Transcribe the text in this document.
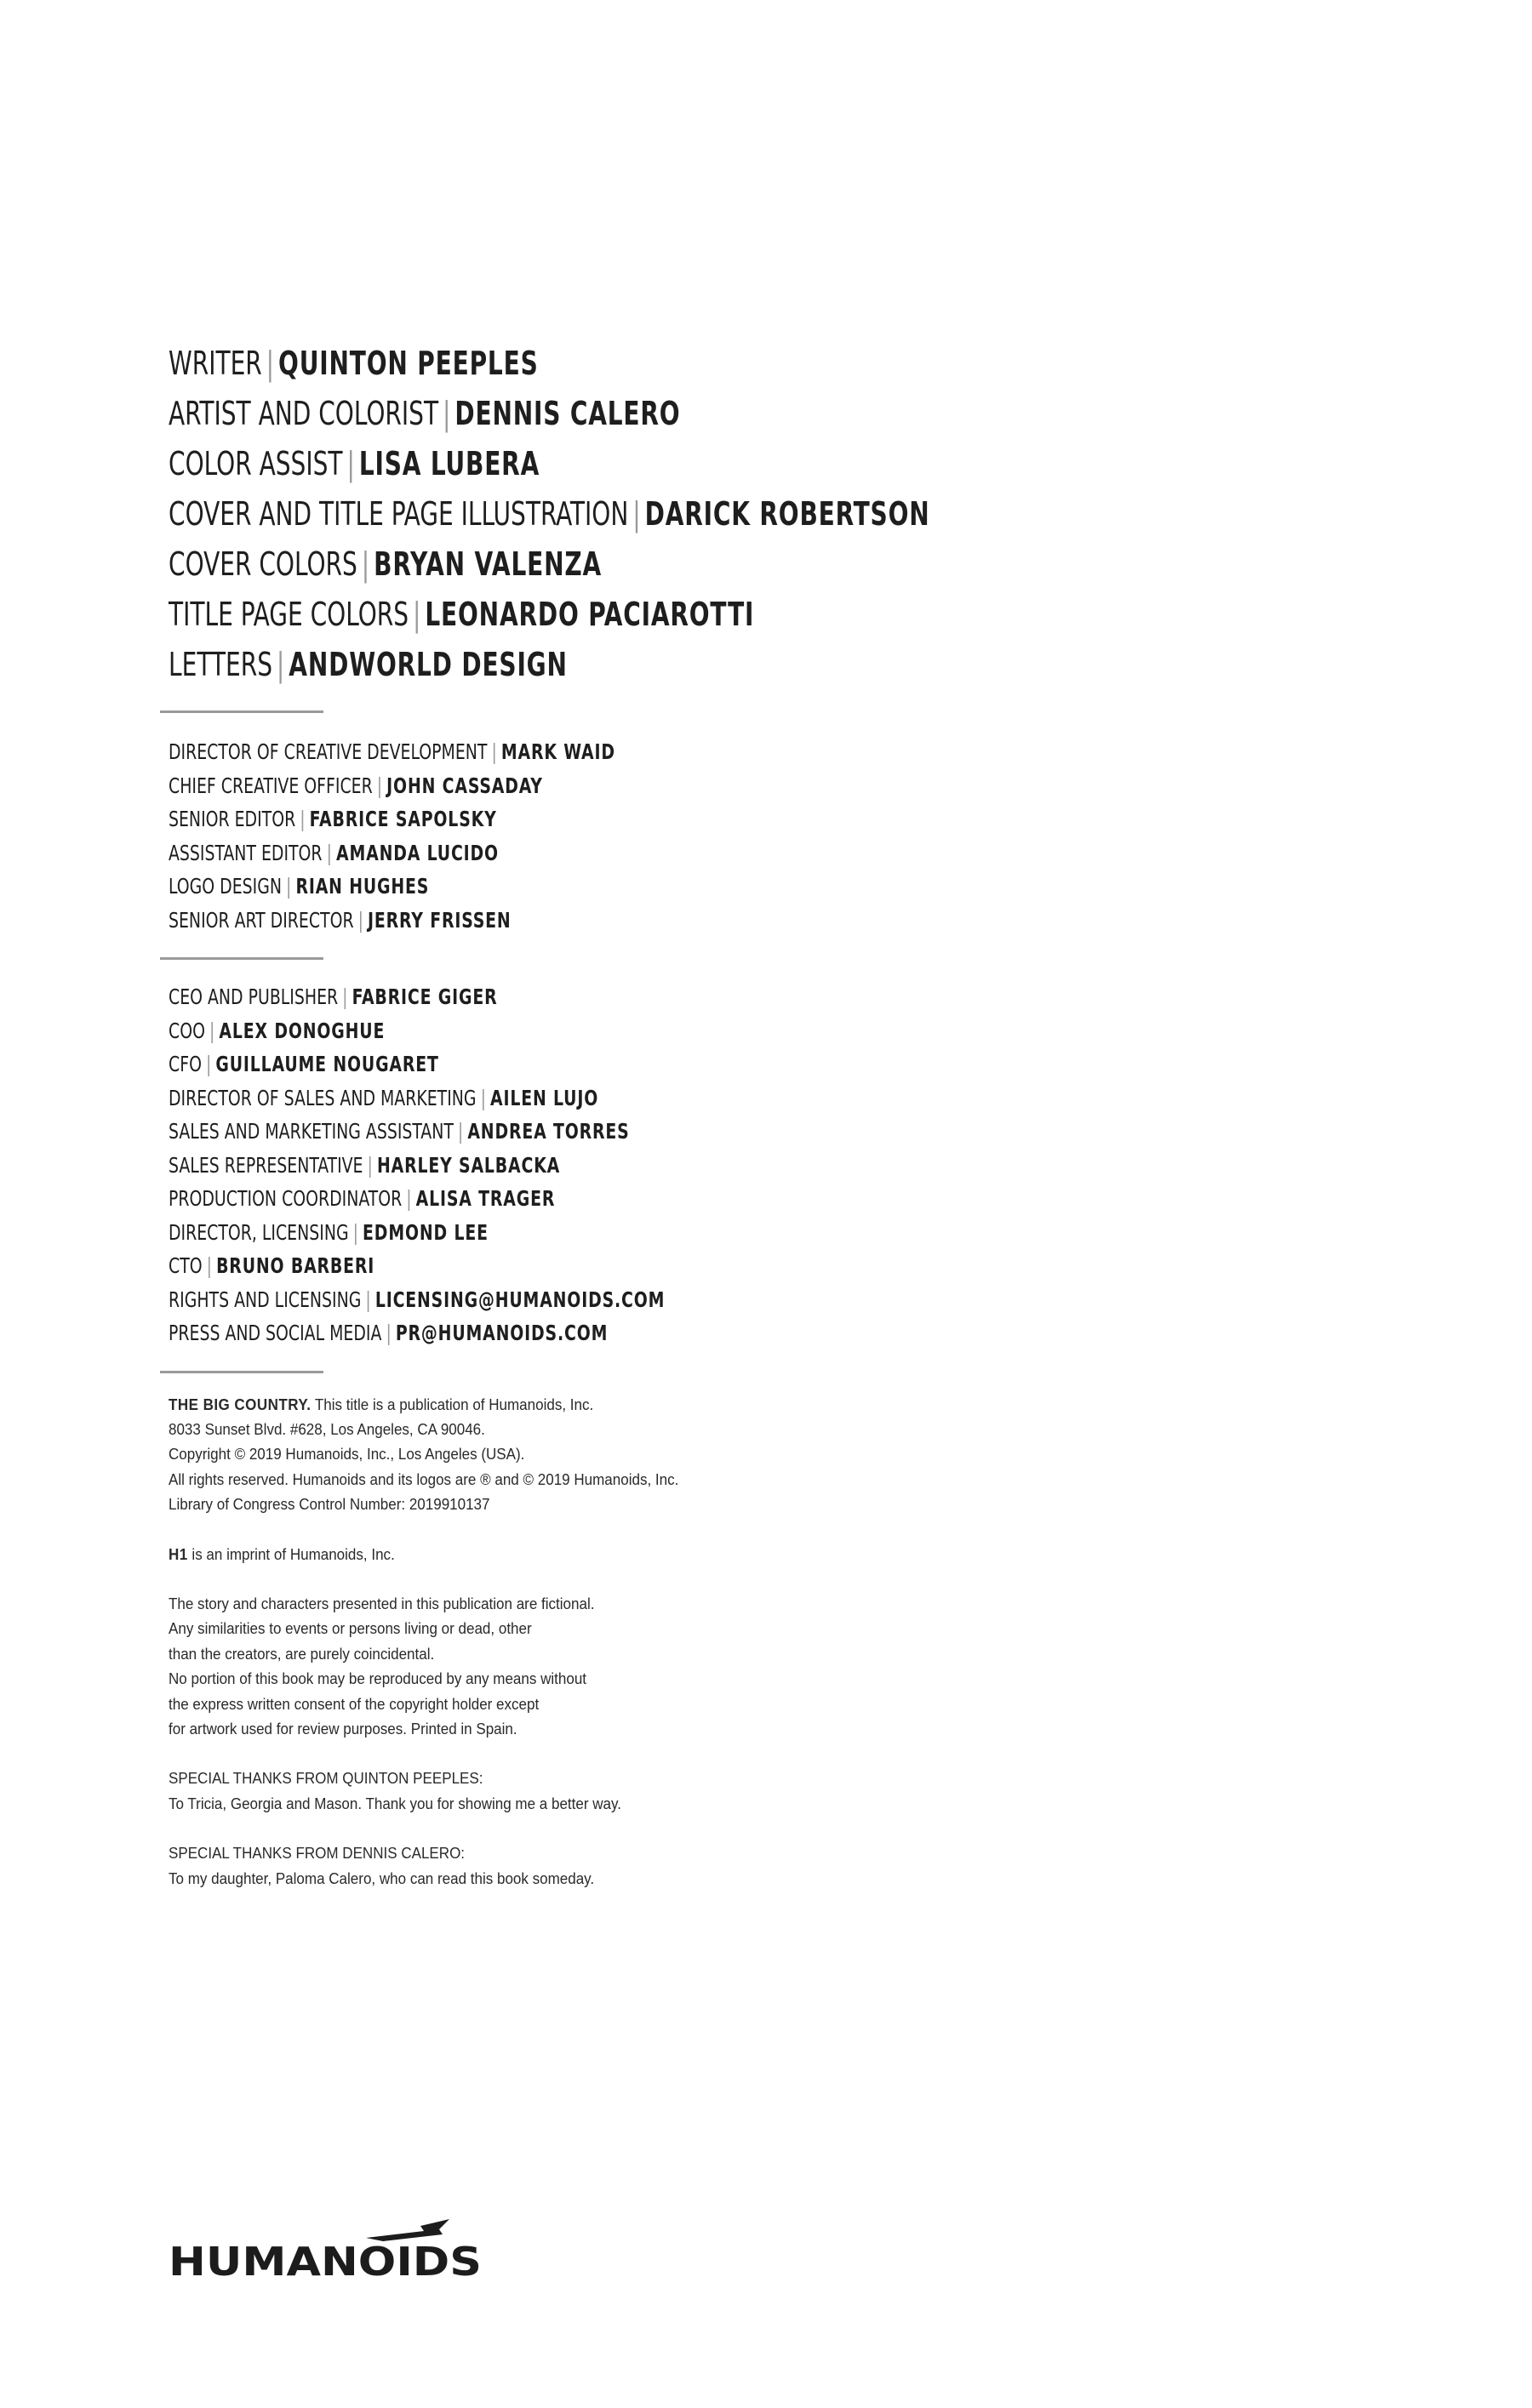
WRITER | QUINTON PEEPLES
ARTIST AND COLORIST | DENNIS CALERO
COLOR ASSIST | LISA LUBERA
COVER AND TITLE PAGE ILLUSTRATION | DARICK ROBERTSON
COVER COLORS | BRYAN VALENZA
TITLE PAGE COLORS | LEONARDO PACIAROTTI
LETTERS | ANDWORLD DESIGN
DIRECTOR OF CREATIVE DEVELOPMENT | MARK WAID
CHIEF CREATIVE OFFICER | JOHN CASSADAY
SENIOR EDITOR | FABRICE SAPOLSKY
ASSISTANT EDITOR | AMANDA LUCIDO
LOGO DESIGN | RIAN HUGHES
SENIOR ART DIRECTOR | JERRY FRISSEN
CEO AND PUBLISHER | FABRICE GIGER
COO | ALEX DONOGHUE
CFO | GUILLAUME NOUGARET
DIRECTOR OF SALES AND MARKETING | AILEN LUJO
SALES AND MARKETING ASSISTANT | ANDREA TORRES
SALES REPRESENTATIVE | HARLEY SALBACKA
PRODUCTION COORDINATOR | ALISA TRAGER
DIRECTOR, LICENSING | EDMOND LEE
CTO | BRUNO BARBERI
RIGHTS AND LICENSING | LICENSING@HUMANOIDS.COM
PRESS AND SOCIAL MEDIA | PR@HUMANOIDS.COM

THE BIG COUNTRY. This title is a publication of Humanoids, Inc.
8033 Sunset Blvd. #628, Los Angeles, CA 90046.
Copyright © 2019 Humanoids, Inc., Los Angeles (USA).
All rights reserved. Humanoids and its logos are ® and © 2019 Humanoids, Inc.
Library of Congress Control Number: 2019910137

H1 is an imprint of Humanoids, Inc.

The story and characters presented in this publication are fictional.
Any similarities to events or persons living or dead, other
than the creators, are purely coincidental.
No portion of this book may be reproduced by any means without
the express written consent of the copyright holder except
for artwork used for review purposes. Printed in Spain.

SPECIAL THANKS FROM QUINTON PEEPLES:
To Tricia, Georgia and Mason. Thank you for showing me a better way.

SPECIAL THANKS FROM DENNIS CALERO:
To my daughter, Paloma Calero, who can read this book someday.

HUMANOIDS
